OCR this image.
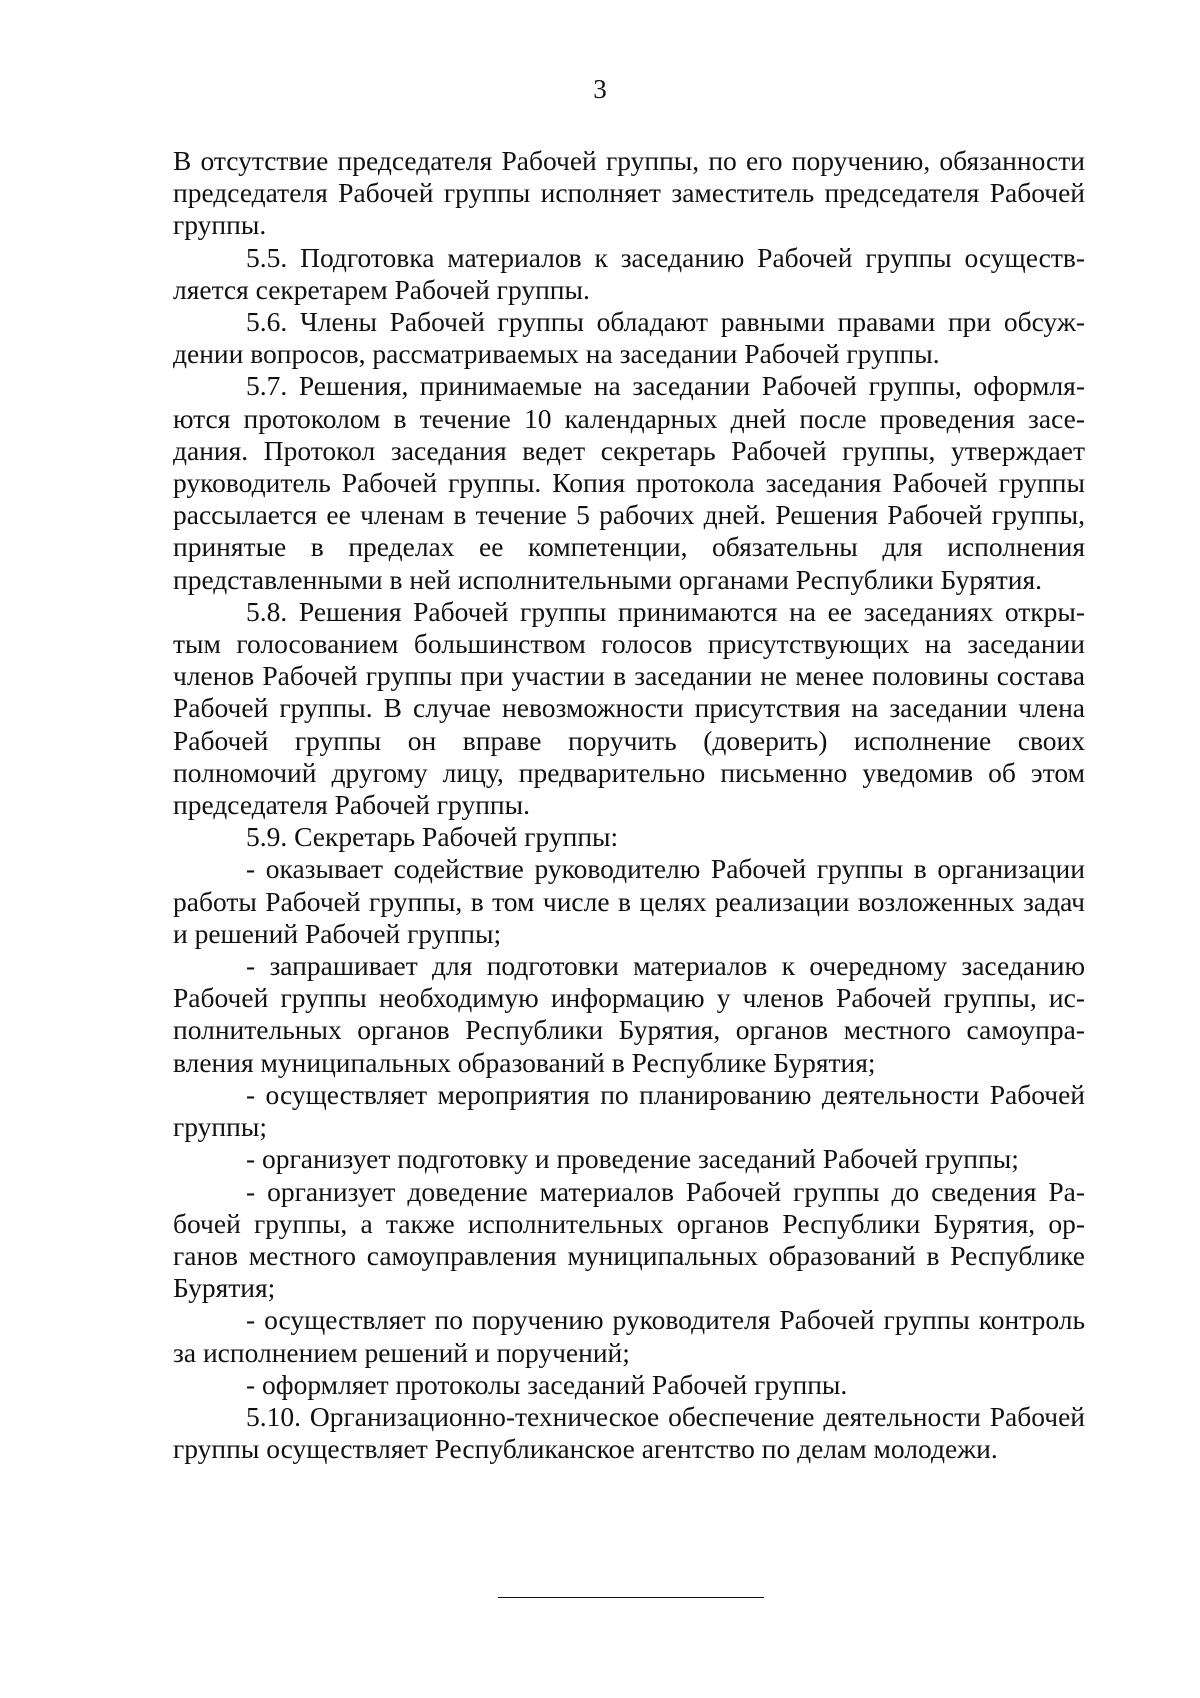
3

В отсутствие председателя Рабочей группы, по его поручению, обязанности председателя Рабочей группы исполняет заместитель председателя Рабочей группы.

5.5. Подготовка материалов к заседанию Рабочей группы осуществляется секретарем Рабочей группы.

5.6. Члены Рабочей группы обладают равными правами при обсуждении вопросов, рассматриваемых на заседании Рабочей группы.

5.7. Решения, принимаемые на заседании Рабочей группы, оформляются протоколом в течение 10 календарных дней после проведения заседания. Протокол заседания ведет секретарь Рабочей группы, утверждает руководитель Рабочей группы. Копия протокола заседания Рабочей группы рассылается ее членам в течение 5 рабочих дней. Решения Рабочей группы, принятые в пределах ее компетенции, обязательны для исполнения представленными в ней исполнительными органами Республики Бурятия.

5.8. Решения Рабочей группы принимаются на ее заседаниях открытым голосованием большинством голосов присутствующих на заседании членов Рабочей группы при участии в заседании не менее половины состава Рабочей группы. В случае невозможности присутствия на заседании члена Рабочей группы он вправе поручить (доверить) исполнение своих полномочий другому лицу, предварительно письменно уведомив об этом председателя Рабочей группы.

5.9. Секретарь Рабочей группы:

- оказывает содействие руководителю Рабочей группы в организации работы Рабочей группы, в том числе в целях реализации возложенных задач и решений Рабочей группы;

- запрашивает для подготовки материалов к очередному заседанию Рабочей группы необходимую информацию у членов Рабочей группы, исполнительных органов Республики Бурятия, органов местного самоуправления муниципальных образований в Республике Бурятия;

- осуществляет мероприятия по планированию деятельности Рабочей группы;

- организует подготовку и проведение заседаний Рабочей группы;

- организует доведение материалов Рабочей группы до сведения Рабочей группы, а также исполнительных органов Республики Бурятия, органов местного самоуправления муниципальных образований в Республике Бурятия;

- осуществляет по поручению руководителя Рабочей группы контроль за исполнением решений и поручений;

- оформляет протоколы заседаний Рабочей группы.

5.10. Организационно-техническое обеспечение деятельности Рабочей группы осуществляет Республиканское агентство по делам молодежи.
